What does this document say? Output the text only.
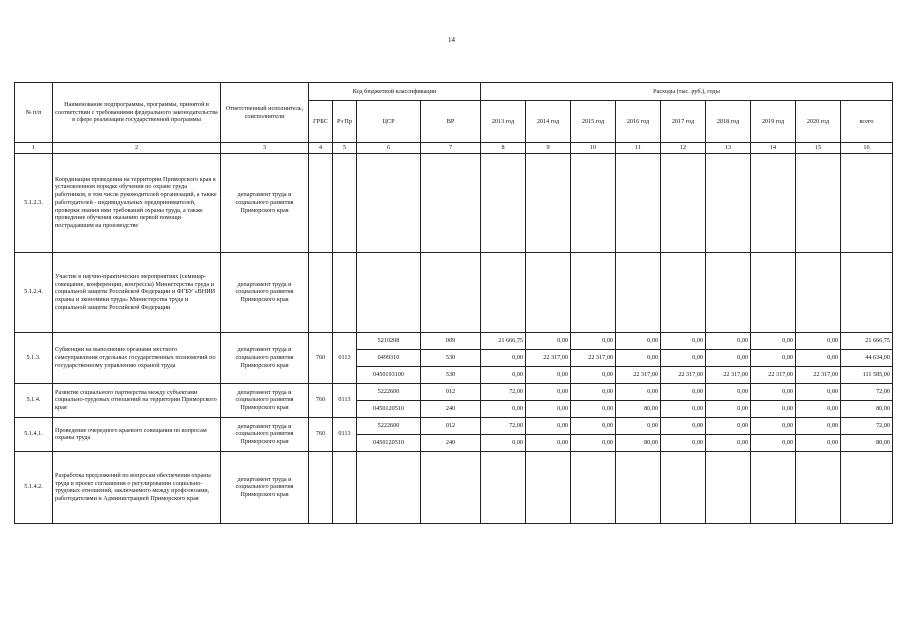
14
№ п/п	Наименование подпрограммы, программы, принятой в соответствии с требованиями федерального законодательства в сфере реализации государственной программы	Ответственный исполнитель, соисполнители	Код бюджетной классификации				Расходы (тыс. руб.), годы								
			ГРБС	Рз Пр	ЦСР	ВР	2013 год	2014 год	2015 год	2016 год	2017 год	2018 год	2019 год	2020 год	всего
1	2	3	4	5	6	7	8	9	10	11	12	13	14	15	16
5.1.2.3.	Координация проведения на территории Приморского края в установленном порядке обучения по охране труда работников, в том числе руководителей организаций, а также работодателей - индивидуальных предпринимателей, проверки знания ими требований охраны труда, а также проведение обучения оказанию первой помощи пострадавшим на производстве	департамент труда и социального развития Приморского края													
5.1.2.4.	Участие в научно-практических мероприятиях (семинар-совещание, конференции, конгрессы) Министерства труда и социальной защиты Российской Федерации и ФГБУ «ВНИИ охраны и экономики труда» Министерства труда и социальной защиты Российской Федерации	департамент труда и социального развития Приморского края													
5.1.3.	Субвенции на выполнение органами местного самоуправления отдельных государственных полномочий по государственному управлению охраной труда	департамент труда и социального развития Приморского края	760	0113	5210208	009	21 666,75	0,00	0,00	0,00	0,00	0,00	0,00	0,00	21 666,75
					0499310	530	0,00	22 317,00	22 317,00	0,00	0,00	0,00	0,00	0,00	44 634,00
					0450193100	530	0,00	0,00	0,00	22 317,00	22 317,00	22 317,00	22 317,00	22 317,00	111 585,00
5.1.4.	Развитие социального партнерства между субъектами социально-трудовых отношений на территории Приморского края	департамент труда и социального развития Приморского края	760	0113	5222600	012	72,00	0,00	0,00	0,00	0,00	0,00	0,00	0,00	72,00
					0450120510	240	0,00	0,00	0,00	80,00	0,00	0,00	0,00	0,00	80,00
5.1.4.1.	Проведение очередного краевого совещания по вопросам охраны труда	департамент труда и социального развития Приморского края	760	0113	5222600	012	72,00	0,00	0,00	0,00	0,00	0,00	0,00	0,00	72,00
					0450120510	240	0,00	0,00	0,00	80,00	0,00	0,00	0,00	0,00	80,00
5.1.4.2.	Разработка предложений по вопросам обеспечения охраны труда в проект соглашения о регулировании социально-трудовых отношений, заключаемого между профсоюзами, работодателями и Администрацией Приморского края	департамент труда и социального развития Приморского края													
